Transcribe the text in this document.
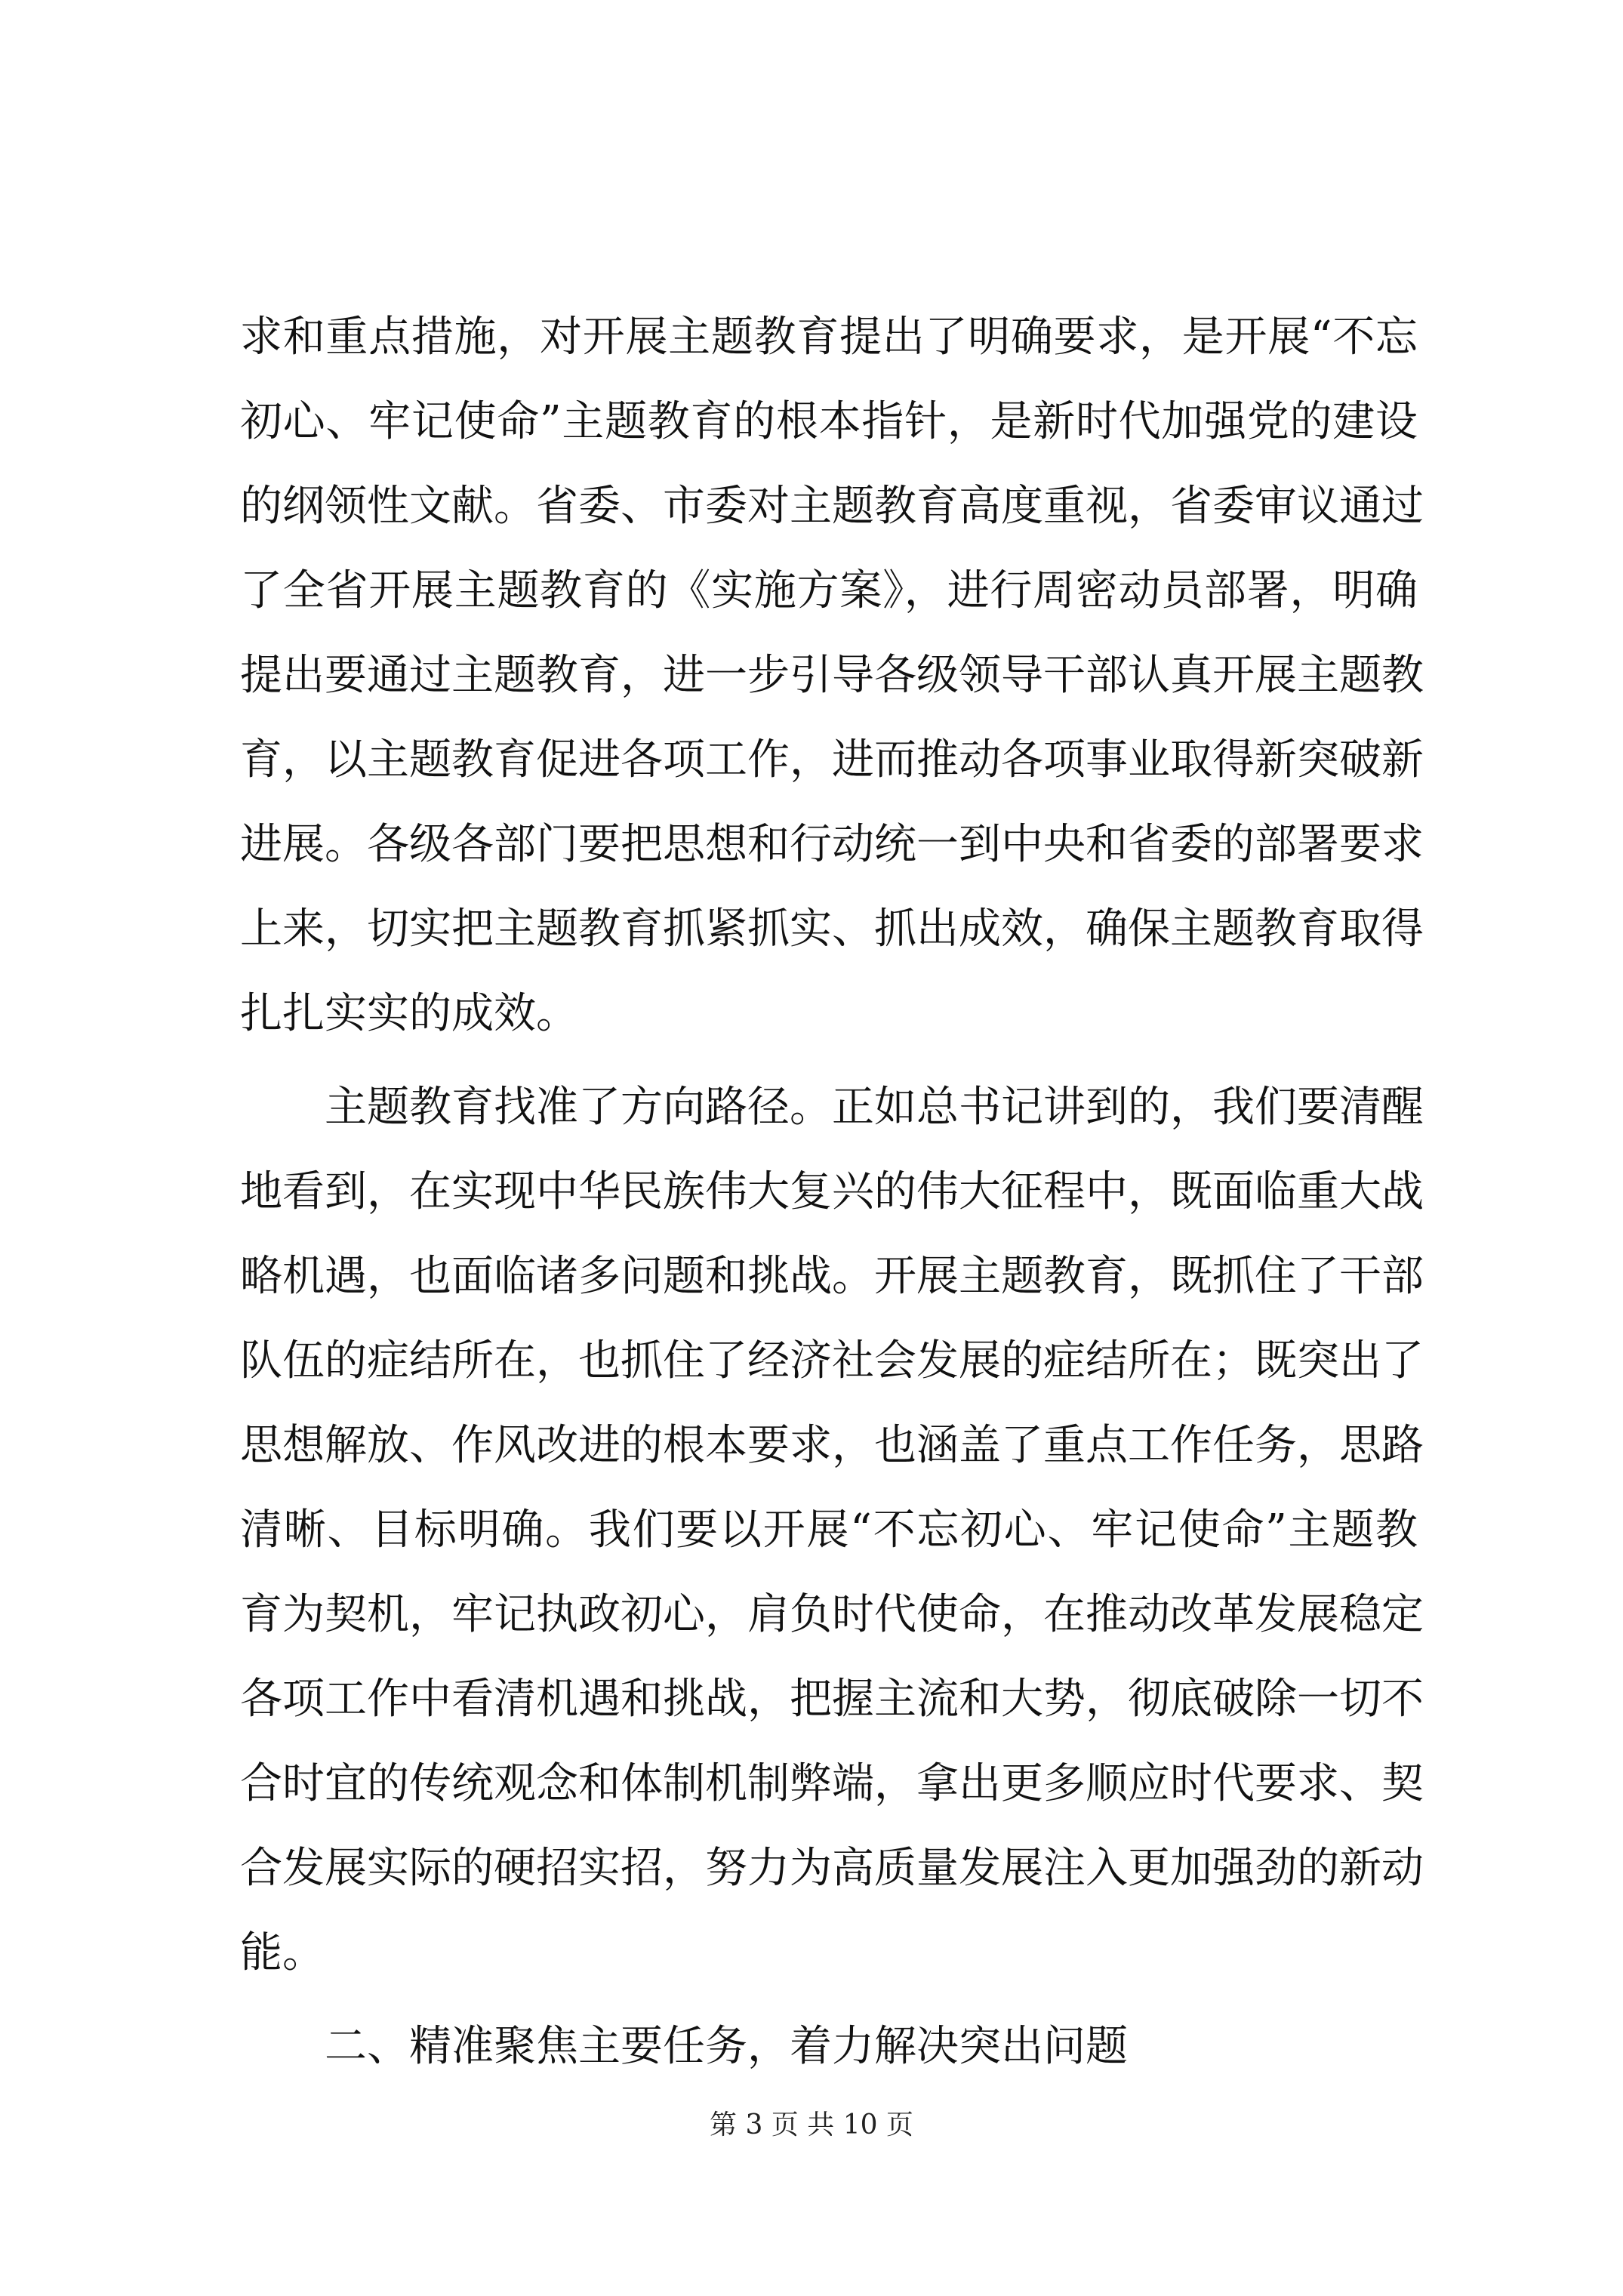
求和重点措施，对开展主题教育提出了明确要求，是开展“不忘
初心、牢记使命”主题教育的根本指针，是新时代加强党的建设
的纲领性文献。省委、市委对主题教育高度重视，省委审议通过
了全省开展主题教育的《实施方案》，进行周密动员部署，明确
提出要通过主题教育，进一步引导各级领导干部认真开展主题教
育，以主题教育促进各项工作，进而推动各项事业取得新突破新
进展。各级各部门要把思想和行动统一到中央和省委的部署要求
上来，切实把主题教育抓紧抓实、抓出成效，确保主题教育取得
扎扎实实的成效。
主题教育找准了方向路径。正如总书记讲到的，我们要清醒
地看到，在实现中华民族伟大复兴的伟大征程中，既面临重大战
略机遇，也面临诸多问题和挑战。开展主题教育，既抓住了干部
队伍的症结所在，也抓住了经济社会发展的症结所在；既突出了
思想解放、作风改进的根本要求，也涵盖了重点工作任务，思路
清晰、目标明确。我们要以开展“不忘初心、牢记使命”主题教
育为契机，牢记执政初心，肩负时代使命，在推动改革发展稳定
各项工作中看清机遇和挑战，把握主流和大势，彻底破除一切不
合时宜的传统观念和体制机制弊端，拿出更多顺应时代要求、契
合发展实际的硬招实招，努力为高质量发展注入更加强劲的新动
能。
二、精准聚焦主要任务，着力解决突出问题
第 3 页 共 10 页
